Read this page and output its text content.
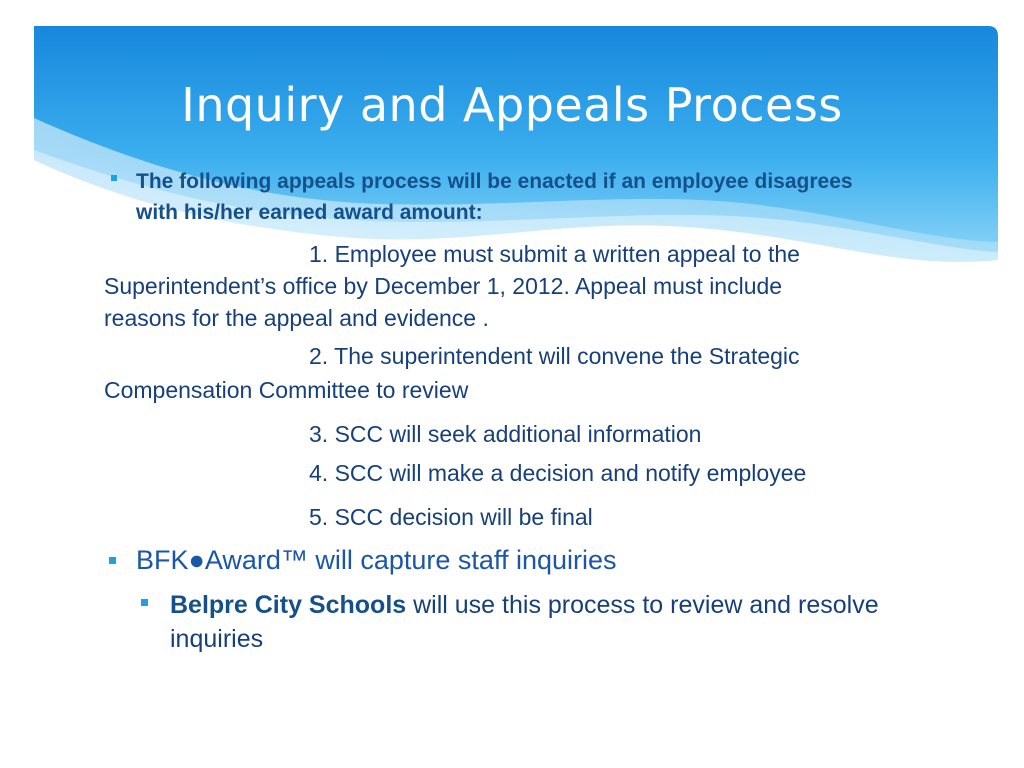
Inquiry and Appeals Process

The following appeals process will be enacted if an employee disagrees with his/her earned award amount:

1. Employee must submit a written appeal to the
Superintendent’s office by December 1, 2012. Appeal must include
reasons for the appeal and evidence .
2. The superintendent will convene the Strategic
Compensation Committee to review

3. SCC will seek additional information

4. SCC will make a decision and notify employee

5. SCC decision will be final

BFK●Award™ will capture staff inquiries

Belpre City Schools will use this process to review and resolve inquiries
